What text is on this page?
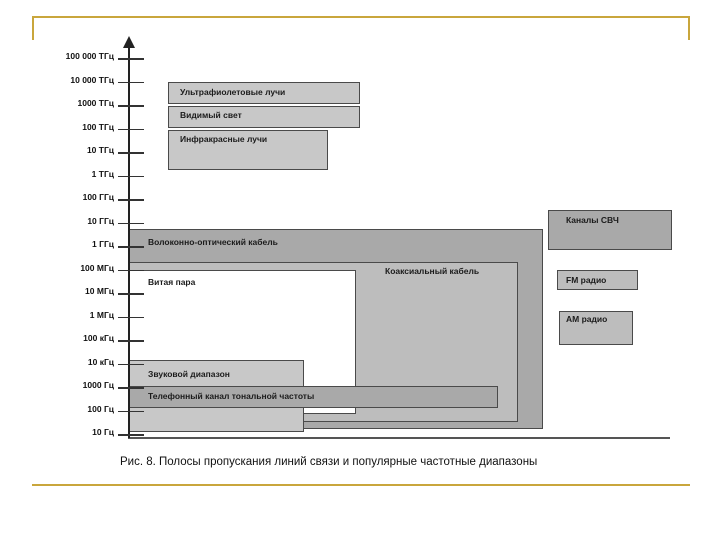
Каналы СВЧ
Волоконно-оптический кабель
Коаксиальный кабель
Витая пара
Ультрафиолетовые лучи
Видимый свет
Инфракрасные лучи
FM радио
AM радио
Звуковой диапазон
Телефонный канал тональной частоты
100 000 ТГц
10 000 ТГц
1000 ТГц
100 ТГц
10 ТГц
1 ТГц
100 ГГц
10 ГГц
1 ГГц
100 МГц
10 МГц
1 МГц
100 кГц
10 кГц
1000 Гц
100 Гц
10 Гц
Рис. 8. Полосы пропускания линий связи и популярные частотные диапазоны
